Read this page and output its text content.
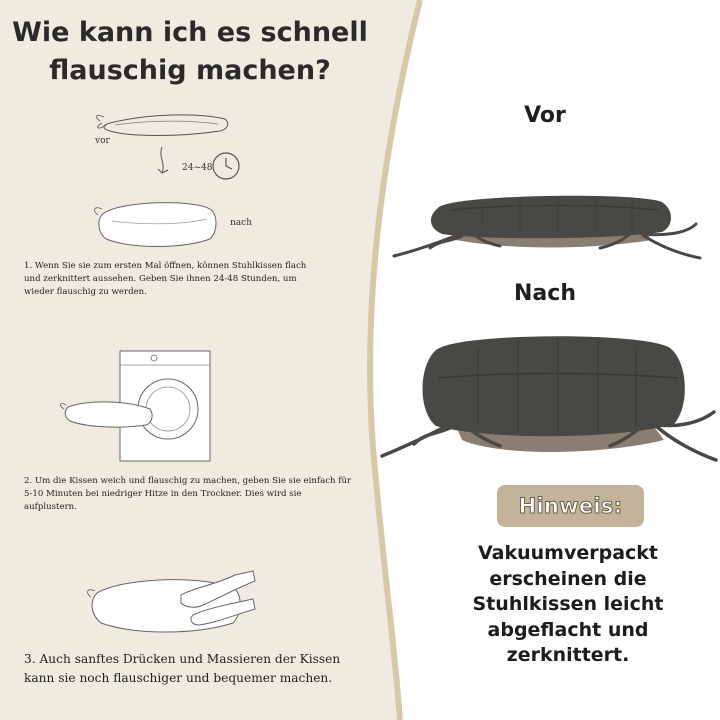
Wie kann ich es schnell
flauschig machen?
vor
24~48
nach
1. Wenn Sie sie zum ersten Mal öffnen, können Stuhlkissen flach und zerknittert aussehen. Geben Sie ihnen 24-48 Stunden, um wieder flauschig zu werden.
2. Um die Kissen weich und flauschig zu machen, geben Sie sie einfach für 5-10 Minuten bei niedriger Hitze in den Trockner. Dies wird sie aufplustern.
3. Auch sanftes Drücken und Massieren der Kissen kann sie noch flauschiger und bequemer machen.
Vor
Nach
Hinweis:
Vakuumverpackt
erscheinen die
Stuhlkissen leicht
abgeflacht und
zerknittert.
